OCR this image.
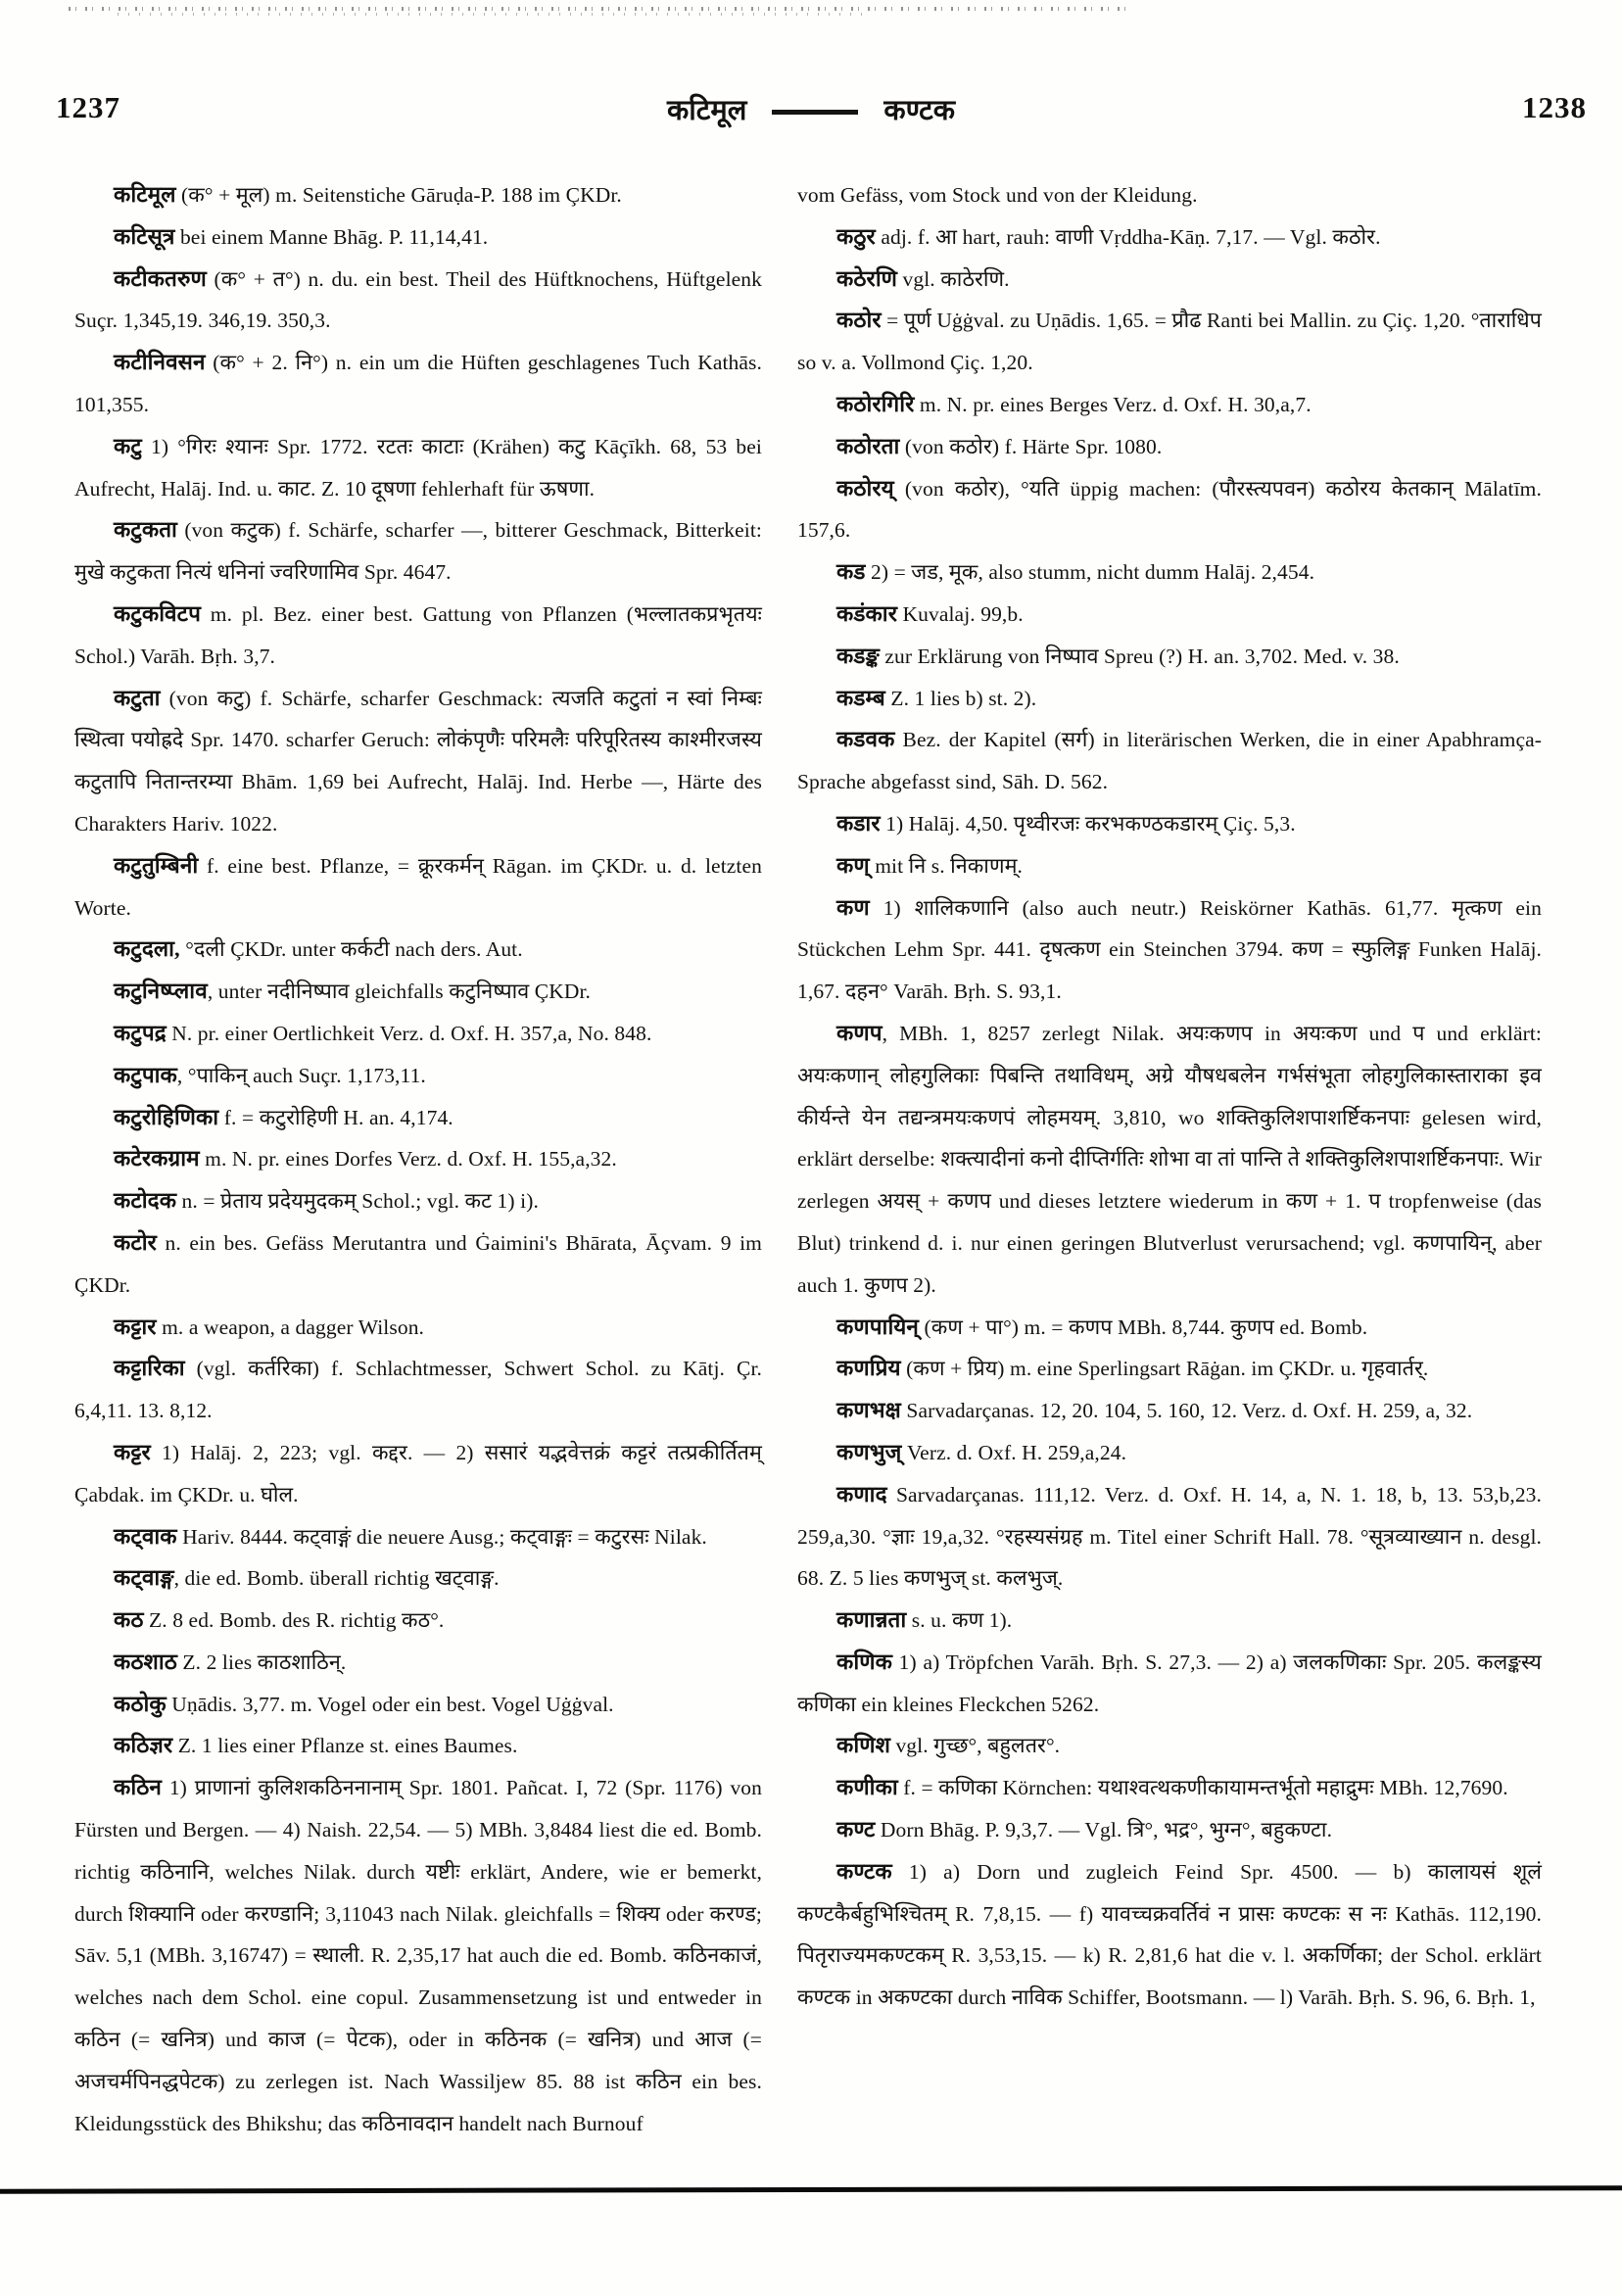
1237	कटिमूल	कण्टक	1238

कटिमूल (क° + मूल) m. Seitenstiche Gāruḍa-P. 188 im ÇKDr.

कटिसूत्र bei einem Manne Bhāg. P. 11,14,41.

कटीकतरुण (क° + त°) n. du. ein best. Theil des Hüftknochens, Hüftgelenk Suçr. 1,345,19. 346,19. 350,3.

कटीनिवसन (क° + 2. नि°) n. ein um die Hüften geschlagenes Tuch Kathās. 101,355.

कटु 1) °गिरः श्यानः Spr. 1772. रटतः काटाः (Krähen) कटु Kāçīkh. 68, 53 bei Aufrecht, Halāj. Ind. u. काट. Z. 10 दूषणा fehlerhaft für ऊषणा.

कटुकता (von कटुक) f. Schärfe, scharfer —, bitterer Geschmack, Bitterkeit: मुखे कटुकता नित्यं धनिनां ज्वरिणामिव Spr. 4647.

कटुकविटप m. pl. Bez. einer best. Gattung von Pflanzen (भल्लातकप्रभृतयः Schol.) Varāh. Bṛh. 3,7.

कटुता (von कटु) f. Schärfe, scharfer Geschmack: त्यजति कटुतां न स्वां निम्बः स्थित्वा पयोह्रदे Spr. 1470. scharfer Geruch: लोकंपृणैः परिमलैः परिपूरितस्य काश्मीरजस्य कटुतापि नितान्तरम्या Bhām. 1,69 bei Aufrecht, Halāj. Ind. Herbe —, Härte des Charakters Hariv. 1022.

कटुतुम्बिनी f. eine best. Pflanze, = क्रूरकर्मन् Rāgan. im ÇKDr. u. d. letzten Worte.

कटुदला, °दली ÇKDr. unter कर्कटी nach ders. Aut.

कटुनिष्प्लाव, unter नदीनिष्पाव gleichfalls कटुनिष्पाव ÇKDr.

कटुपद्र N. pr. einer Oertlichkeit Verz. d. Oxf. H. 357,a, No. 848.

कटुपाक, °पाकिन् auch Suçr. 1,173,11.

कटुरोहिणिका f. = कटुरोहिणी H. an. 4,174.

कटेरकग्राम m. N. pr. eines Dorfes Verz. d. Oxf. H. 155,a,32.

कटोदक n. = प्रेताय प्रदेयमुदकम् Schol.; vgl. कट 1) i).

कटोर n. ein bes. Gefäss Merutantra und Ġaimini's Bhārata, Āçvam. 9 im ÇKDr.

कट्टार m. a weapon, a dagger Wilson.

कट्टारिका (vgl. कर्तरिका) f. Schlachtmesser, Schwert Schol. zu Kātj. Çr. 6,4,11. 13. 8,12.

कट्टर 1) Halāj. 2, 223; vgl. कद्दर. — 2) ससारं यद्भवेत्तक्रं कट्टरं तत्प्रकीर्तितम् Çabdak. im ÇKDr. u. घोल.

कट्वाक Hariv. 8444. कट्वाङ्गं die neuere Ausg.; कट्वाङ्गः = कटुरसः Nilak.

कट्वाङ्ग, die ed. Bomb. überall richtig खट्वाङ्ग.

कठ Z. 8 ed. Bomb. des R. richtig कठ°.

कठशाठ Z. 2 lies काठशाठिन्.

कठोकु Uṇādis. 3,77. m. Vogel oder ein best. Vogel Uġġval.

कठिज्ञर Z. 1 lies einer Pflanze st. eines Baumes.

कठिन 1) प्राणानां कुलिशकठिननानाम् Spr. 1801. Pañcat. I, 72 (Spr. 1176) von Fürsten und Bergen. — 4) Naish. 22,54. — 5) MBh. 3,8484 liest die ed. Bomb. richtig कठिनानि, welches Nilak. durch यष्टीः erklärt, Andere, wie er bemerkt, durch शिक्यानि oder करण्डानि; 3,11043 nach Nilak. gleichfalls = शिक्य oder करण्ड; Sāv. 5,1 (MBh. 3,16747) = स्थाली. R. 2,35,17 hat auch die ed. Bomb. कठिनकाजं, welches nach dem Schol. eine copul. Zusammensetzung ist und entweder in कठिन (= खनित्र) und काज (= पेटक), oder in कठिनक (= खनित्र) und आज (= अजचर्मपिनद्धपेटक) zu zerlegen ist. Nach Wassiljew 85. 88 ist कठिन ein bes. Kleidungsstück des Bhikshu; das कठिनावदान handelt nach Burnouf

vom Gefäss, vom Stock und von der Kleidung.

कठुर adj. f. आ hart, rauh: वाणी Vṛddha-Kāṇ. 7,17. — Vgl. कठोर.

कठेरणि vgl. काठेरणि.

कठोर = पूर्ण Uġġval. zu Uṇādis. 1,65. = प्रौढ Ranti bei Mallin. zu Çiç. 1,20. °ताराधिप so v. a. Vollmond Çiç. 1,20.

कठोरगिरि m. N. pr. eines Berges Verz. d. Oxf. H. 30,a,7.

कठोरता (von कठोर) f. Härte Spr. 1080.

कठोरय् (von कठोर), °यति üppig machen: (पौरस्त्यपवन) कठोरय केतकान् Mālatīm. 157,6.

कड 2) = जड, मूक, also stumm, nicht dumm Halāj. 2,454.

कडंकार Kuvalaj. 99,b.

कडङ्क zur Erklärung von निष्पाव Spreu (?) H. an. 3,702. Med. v. 38.

कडम्ब Z. 1 lies b) st. 2).

कडवक Bez. der Kapitel (सर्ग) in literärischen Werken, die in einer Apabhramça-Sprache abgefasst sind, Sāh. D. 562.

कडार 1) Halāj. 4,50. पृथ्वीरजः करभकण्ठकडारम् Çiç. 5,3.

कण् mit नि s. निकाणम्.

कण 1) शालिकणानि (also auch neutr.) Reiskörner Kathās. 61,77. मृत्कण ein Stückchen Lehm Spr. 441. दृषत्कण ein Steinchen 3794. कण = स्फुलिङ्ग Funken Halāj. 1,67. दहन° Varāh. Bṛh. S. 93,1.

कणप, MBh. 1, 8257 zerlegt Nilak. अयःकणप in अयःकण und प und erklärt: अयःकणान् लोहगुलिकाः पिबन्ति तथाविधम्, अग्रे यौषधबलेन गर्भसंभूता लोहगुलिकास्ताराका इव कीर्यन्ते येन तद्यन्त्रमयःकणपं लोहमयम्. 3,810, wo शक्तिकुलिशपाशर्ष्टिकनपाः gelesen wird, erklärt derselbe: शक्त्यादीनां कनो दीप्तिर्गतिः शोभा वा तां पान्ति ते शक्तिकुलिशपाशर्ष्टिकनपाः. Wir zerlegen अयस् + कणप und dieses letztere wiederum in कण + 1. प tropfenweise (das Blut) trinkend d. i. nur einen geringen Blutverlust verursachend; vgl. कणपायिन्, aber auch 1. कुणप 2).

कणपायिन् (कण + पा°) m. = कणप MBh. 8,744. कुणप ed. Bomb.

कणप्रिय (कण + प्रिय) m. eine Sperlingsart Rāġan. im ÇKDr. u. गृहवार्तर्.

कणभक्ष Sarvadarçanas. 12, 20. 104, 5. 160, 12. Verz. d. Oxf. H. 259, a, 32.

कणभुज् Verz. d. Oxf. H. 259,a,24.

कणाद Sarvadarçanas. 111,12. Verz. d. Oxf. H. 14, a, N. 1. 18, b, 13. 53,b,23. 259,a,30. °ज्ञाः 19,a,32. °रहस्यसंग्रह m. Titel einer Schrift Hall. 78. °सूत्रव्याख्यान n. desgl. 68. Z. 5 lies कणभुज् st. कलभुज्.

कणान्नता s. u. कण 1).

कणिक 1) a) Tröpfchen Varāh. Bṛh. S. 27,3. — 2) a) जलकणिकाः Spr. 205. कलङ्कस्य कणिका ein kleines Fleckchen 5262.

कणिश vgl. गुच्छ°, बहुलतर°.

कणीका f. = कणिका Körnchen: यथाश्वत्थकणीकायामन्तर्भूतो महाद्रुमः MBh. 12,7690.

कण्ट Dorn Bhāg. P. 9,3,7. — Vgl. त्रि°, भद्र°, भुग्न°, बहुकण्टा.

कण्टक 1) a) Dorn und zugleich Feind Spr. 4500. — b) कालायसं शूलं कण्टकैर्बहुभिश्चितम् R. 7,8,15. — f) यावच्चक्रवर्तिवं न प्रासः कण्टकः स नः Kathās. 112,190. पितृराज्यमकण्टकम् R. 3,53,15. — k) R. 2,81,6 hat die v. l. अकर्णिका; der Schol. erklärt कण्टक in अकण्टका durch नाविक Schiffer, Bootsmann. — l) Varāh. Bṛh. S. 96, 6. Bṛh. 1,
